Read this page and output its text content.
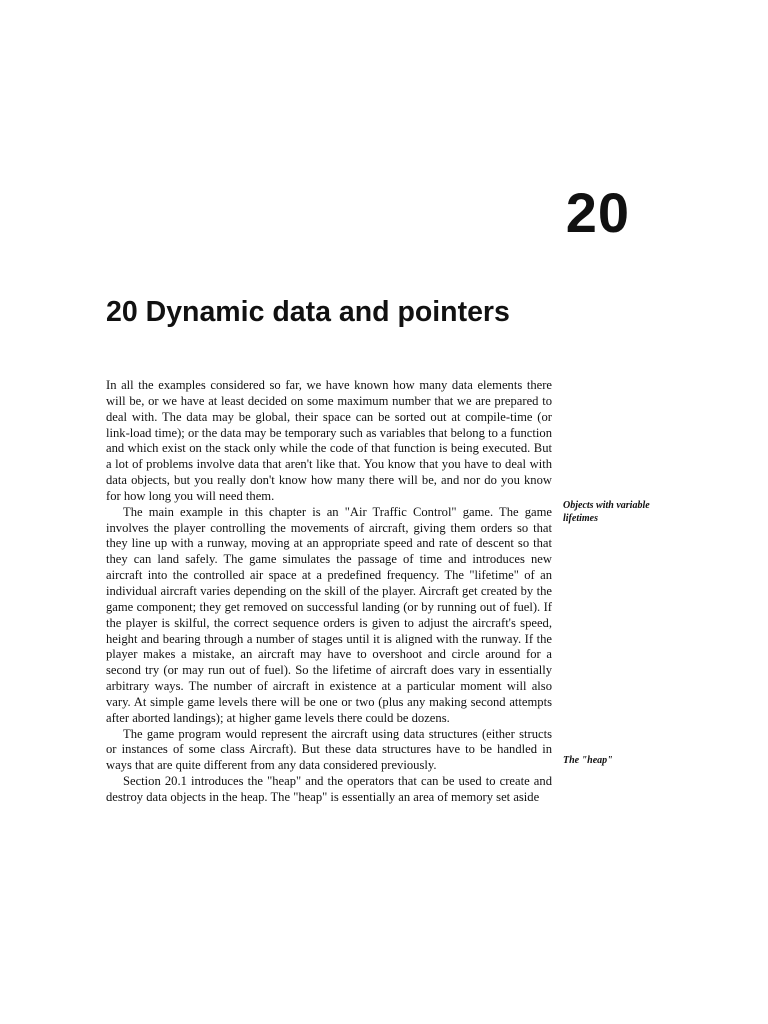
20
20 Dynamic data and pointers

In all the examples considered so far, we have known how many data elements there will be, or we have at least decided on some maximum number that we are prepared to deal with. The data may be global, their space can be sorted out at compile-time (or link-load time); or the data may be temporary such as variables that belong to a function and which exist on the stack only while the code of that function is being executed. But a lot of problems involve data that aren't like that. You know that you have to deal with data objects, but you really don't know how many there will be, and nor do you know for how long you will need them.

The main example in this chapter is an "Air Traffic Control" game. The game involves the player controlling the movements of aircraft, giving them orders so that they line up with a runway, moving at an appropriate speed and rate of descent so that they can land safely. The game simulates the passage of time and introduces new aircraft into the controlled air space at a predefined frequency. The "lifetime" of an individual aircraft varies depending on the skill of the player. Aircraft get created by the game component; they get removed on successful landing (or by running out of fuel). If the player is skilful, the correct sequence orders is given to adjust the aircraft's speed, height and bearing through a number of stages until it is aligned with the runway. If the player makes a mistake, an aircraft may have to overshoot and circle around for a second try (or may run out of fuel). So the lifetime of aircraft does vary in essentially arbitrary ways. The number of aircraft in existence at a particular moment will also vary. At simple game levels there will be one or two (plus any making second attempts after aborted landings); at higher game levels there could be dozens.

The game program would represent the aircraft using data structures (either structs or instances of some class Aircraft). But these data structures have to be handled in ways that are quite different from any data considered previously.

Section 20.1 introduces the "heap" and the operators that can be used to create and destroy data objects in the heap. The "heap" is essentially an area of memory set aside

Objects with variable lifetimes
The "heap"
